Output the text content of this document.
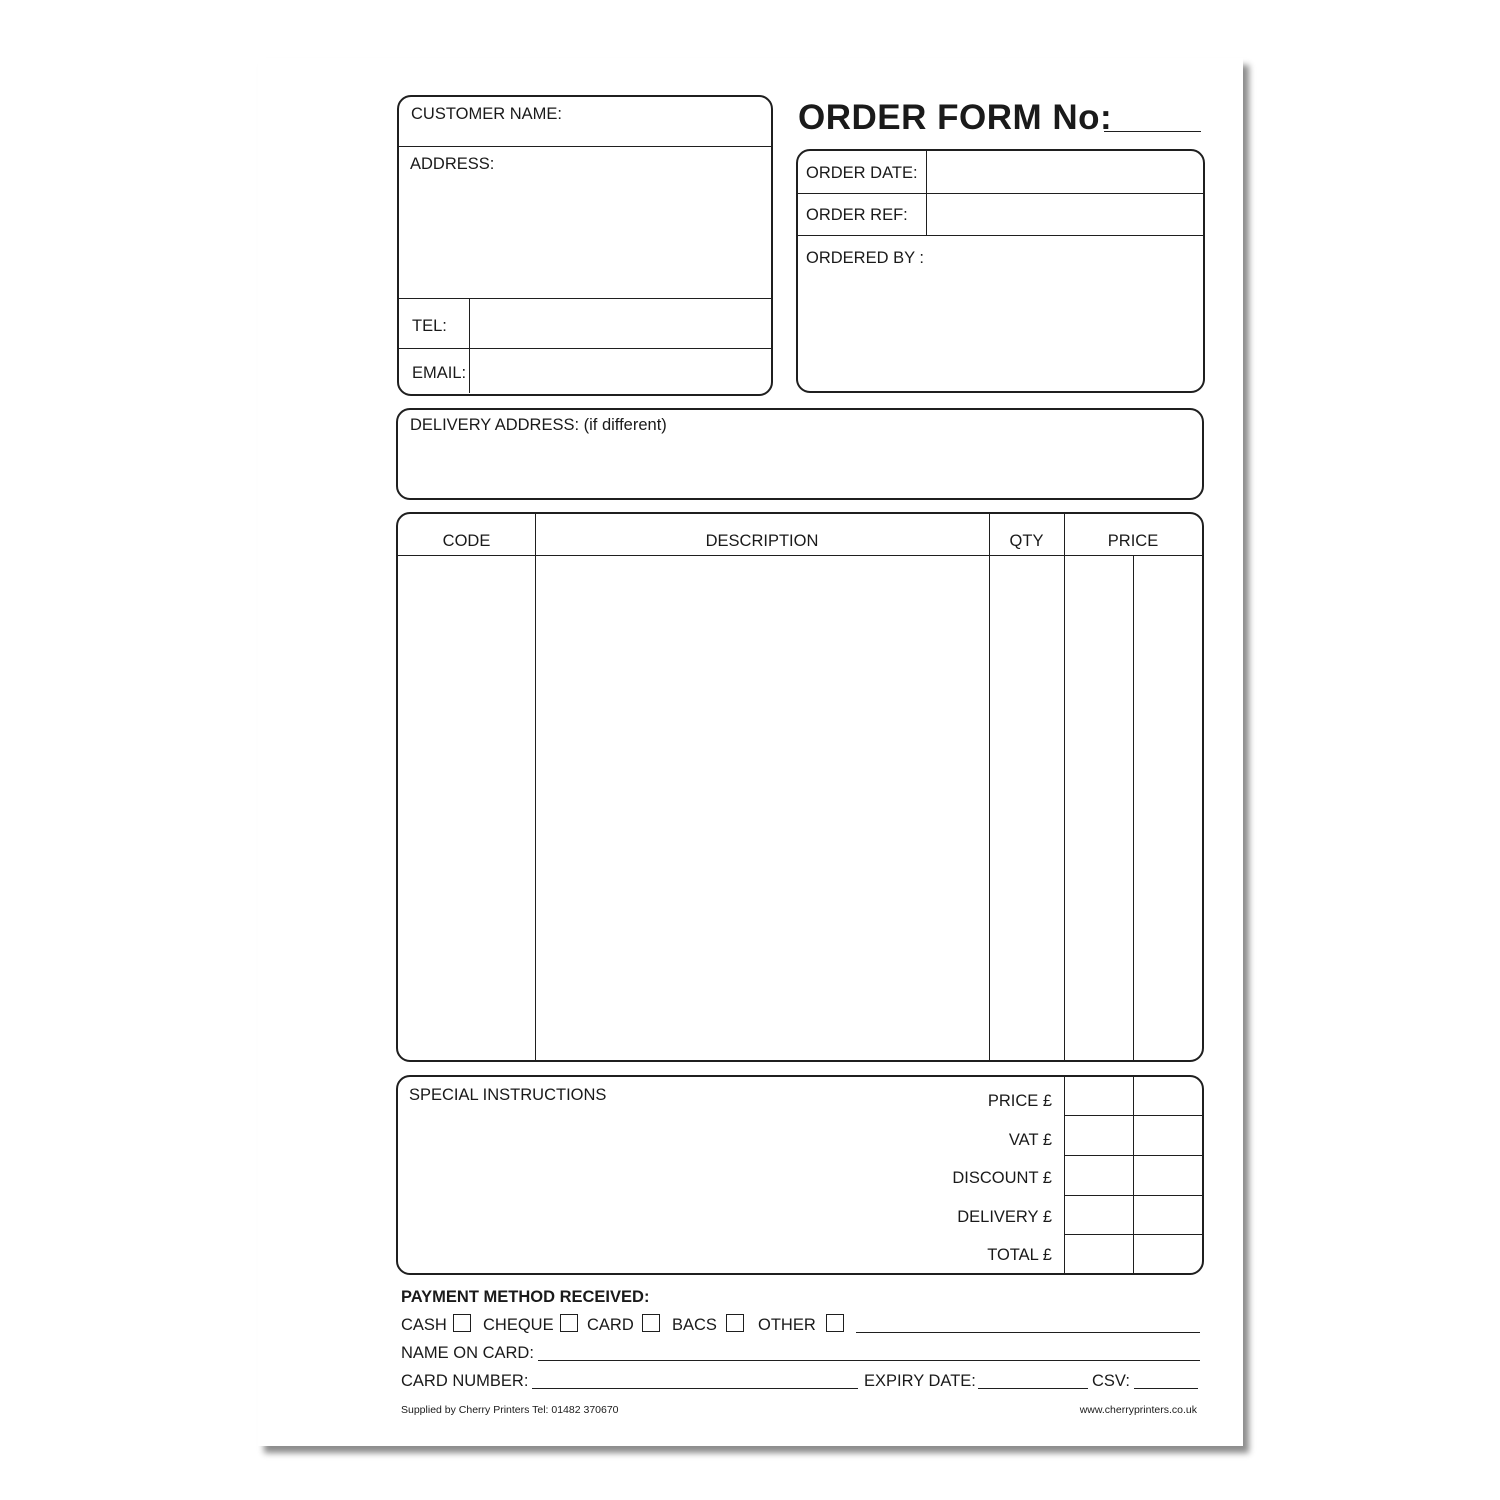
CUSTOMER NAME:
ADDRESS:
TEL:
EMAIL:
ORDER FORM No:
ORDER DATE:
ORDER REF:
ORDERED BY :
DELIVERY ADDRESS: (if different)
CODE	DESCRIPTION	QTY	PRICE
SPECIAL INSTRUCTIONS	PRICE £
VAT £
DISCOUNT £
DELIVERY £
TOTAL £
PAYMENT METHOD RECEIVED:
CASH CHEQUE CARD BACS OTHER
NAME ON CARD:
CARD NUMBER:	EXPIRY DATE:	CSV:
Supplied by Cherry Printers Tel: 01482 370670	www.cherryprinters.co.uk
